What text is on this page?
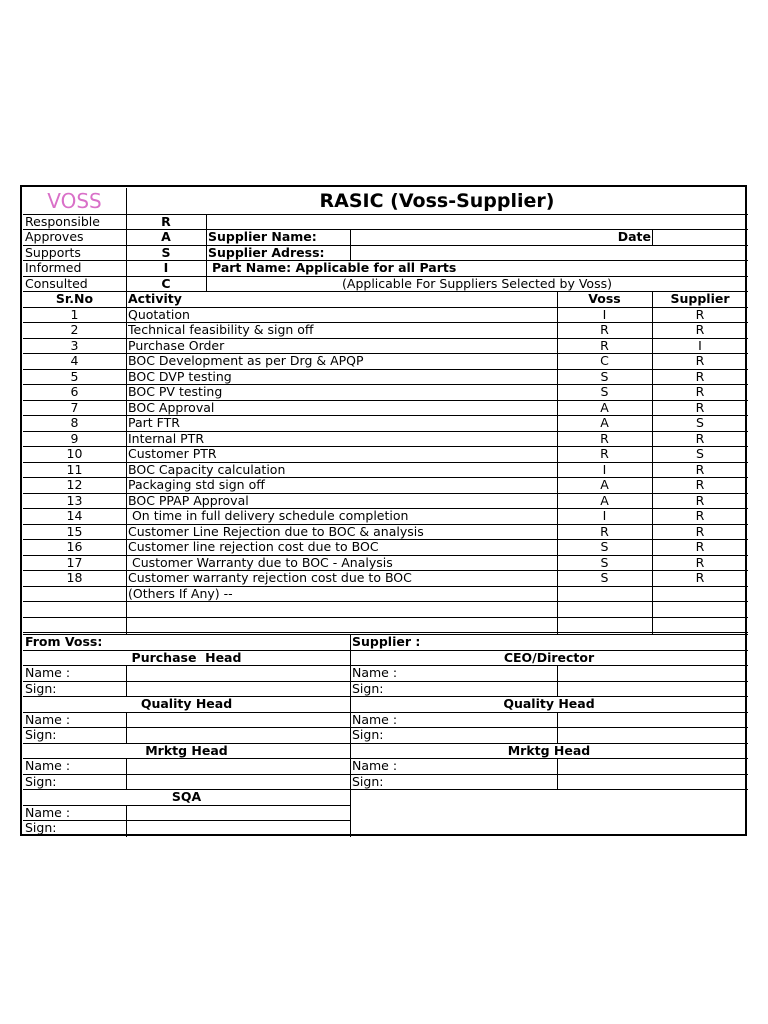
VOSS	RASIC (Voss-Supplier)
Responsible	R
Approves	A
Supports	S
Informed	I
Consulted	C
Supplier Name:	Date
Supplier Adress:
Part Name: Applicable for all Parts
(Applicable For Suppliers Selected by Voss)
Sr.No	Activity	Voss	Supplier
1	Quotation	I	R
2	Technical feasibility & sign off	R	R
3	Purchase Order	R	I
4	BOC Development as per Drg & APQP	C	R
5	BOC DVP testing	S	R
6	BOC PV testing	S	R
7	BOC Approval	A	R
8	Part FTR	A	S
9	Internal PTR	R	R
10	Customer PTR	R	S
11	BOC Capacity calculation	I	R
12	Packaging std sign off	A	R
13	BOC PPAP Approval	A	R
14	On time in full delivery schedule completion	I	R
15	Customer Line Rejection due to BOC & analysis	R	R
16	Customer line rejection cost due to BOC	S	R
17	Customer Warranty due to BOC - Analysis	S	R
18	Customer warranty rejection cost due to BOC	S	R
(Others If Any) --
From Voss:	Supplier :
Purchase  Head
Name :
Sign:
Quality Head
Name :
Sign:
Mrktg Head
Name :
Sign:
SQA
Name :
Sign:
CEO/Director
Name :
Sign:
Quality Head
Name :
Sign:
Mrktg Head
Name :
Sign:
